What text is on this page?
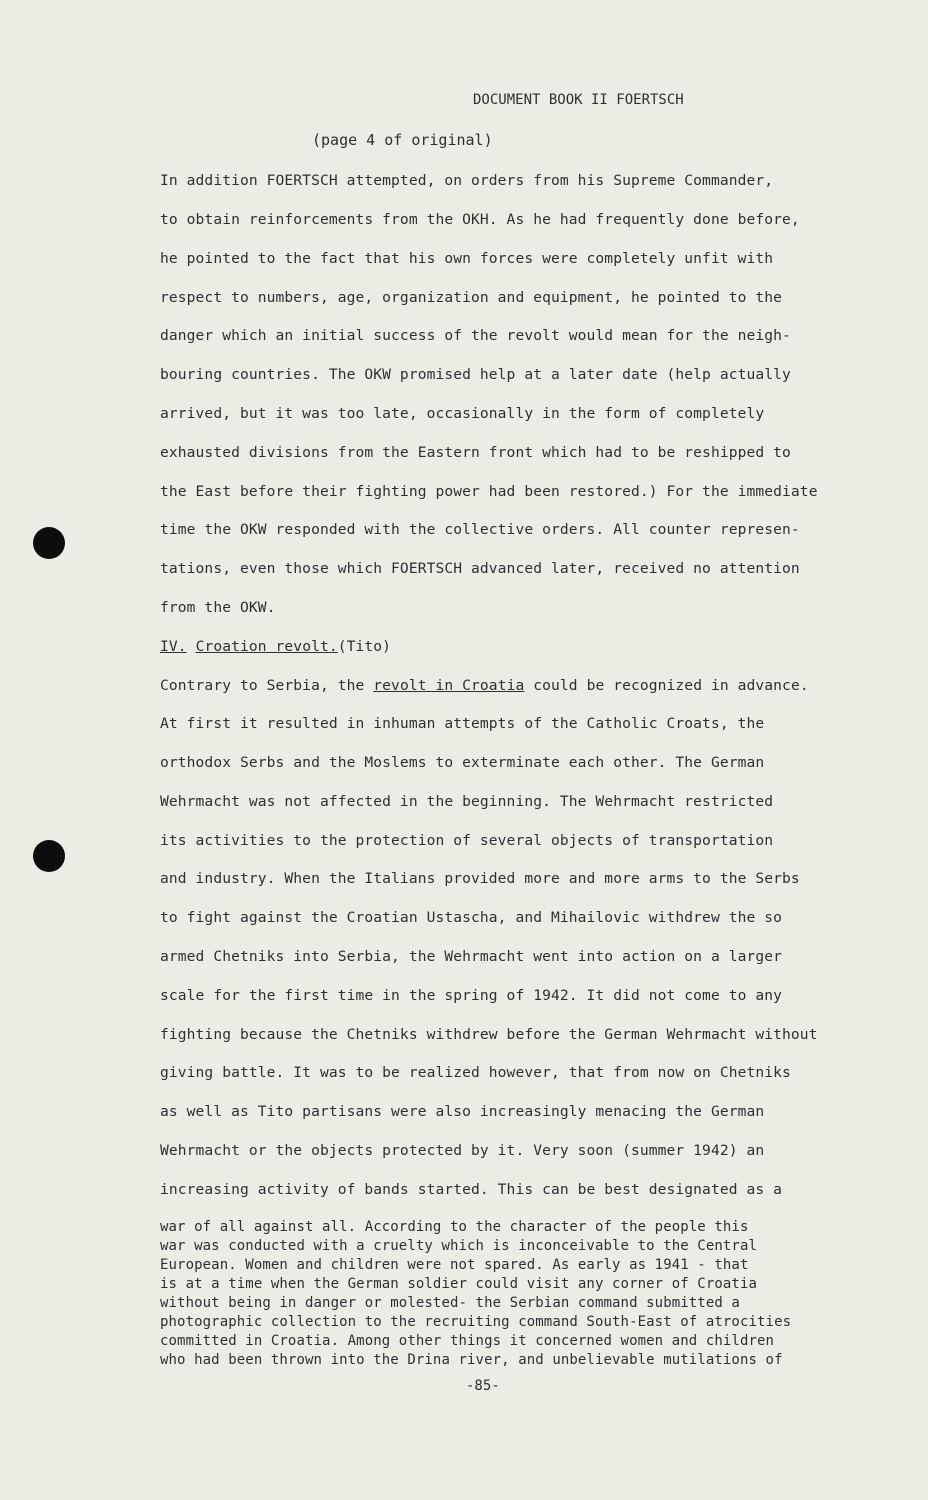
DOCUMENT BOOK II FOERTSCH
(page 4 of original)
In addition FOERTSCH attempted, on orders from his Supreme Commander,
to obtain reinforcements from the OKH. As he had frequently done before,
he pointed to the fact that his own forces were completely unfit with
respect to numbers, age, organization and equipment, he pointed to the
danger which an initial success of the revolt would mean for the neigh-
bouring countries. The OKW promised help at a later date (help actually
arrived, but it was too late, occasionally in the form of completely
exhausted divisions from the Eastern front which had to be reshipped to
the East before their fighting power had been restored.) For the immediate
time the OKW responded with the collective orders. All counter represen-
tations, even those which FOERTSCH advanced later, received no attention
from the OKW.
IV. Croation revolt.(Tito)
Contrary to Serbia, the revolt in Croatia could be recognized in advance.
At first it resulted in inhuman attempts of the Catholic Croats, the
orthodox Serbs and the Moslems to exterminate each other. The German
Wehrmacht was not affected in the beginning. The Wehrmacht restricted
its activities to the protection of several objects of transportation
and industry. When the Italians provided more and more arms to the Serbs
to fight against the Croatian Ustascha, and Mihailovic withdrew the so
armed Chetniks into Serbia, the Wehrmacht went into action on a larger
scale for the first time in the spring of 1942. It did not come to any
fighting because the Chetniks withdrew before the German Wehrmacht without
giving battle. It was to be realized however, that from now on Chetniks
as well as Tito partisans were also increasingly menacing the German
Wehrmacht or the objects protected by it. Very soon (summer 1942) an
increasing activity of bands started. This can be best designated as a
war of all against all. According to the character of the people this
war was conducted with a cruelty which is inconceivable to the Central
European. Women and children were not spared. As early as 1941 - that
is at a time when the German soldier could visit any corner of Croatia
without being in danger or molested- the Serbian command submitted a
photographic collection to the recruiting command South-East of atrocities
committed in Croatia. Among other things it concerned women and children
who had been thrown into the Drina river, and unbelievable mutilations of
-85-
